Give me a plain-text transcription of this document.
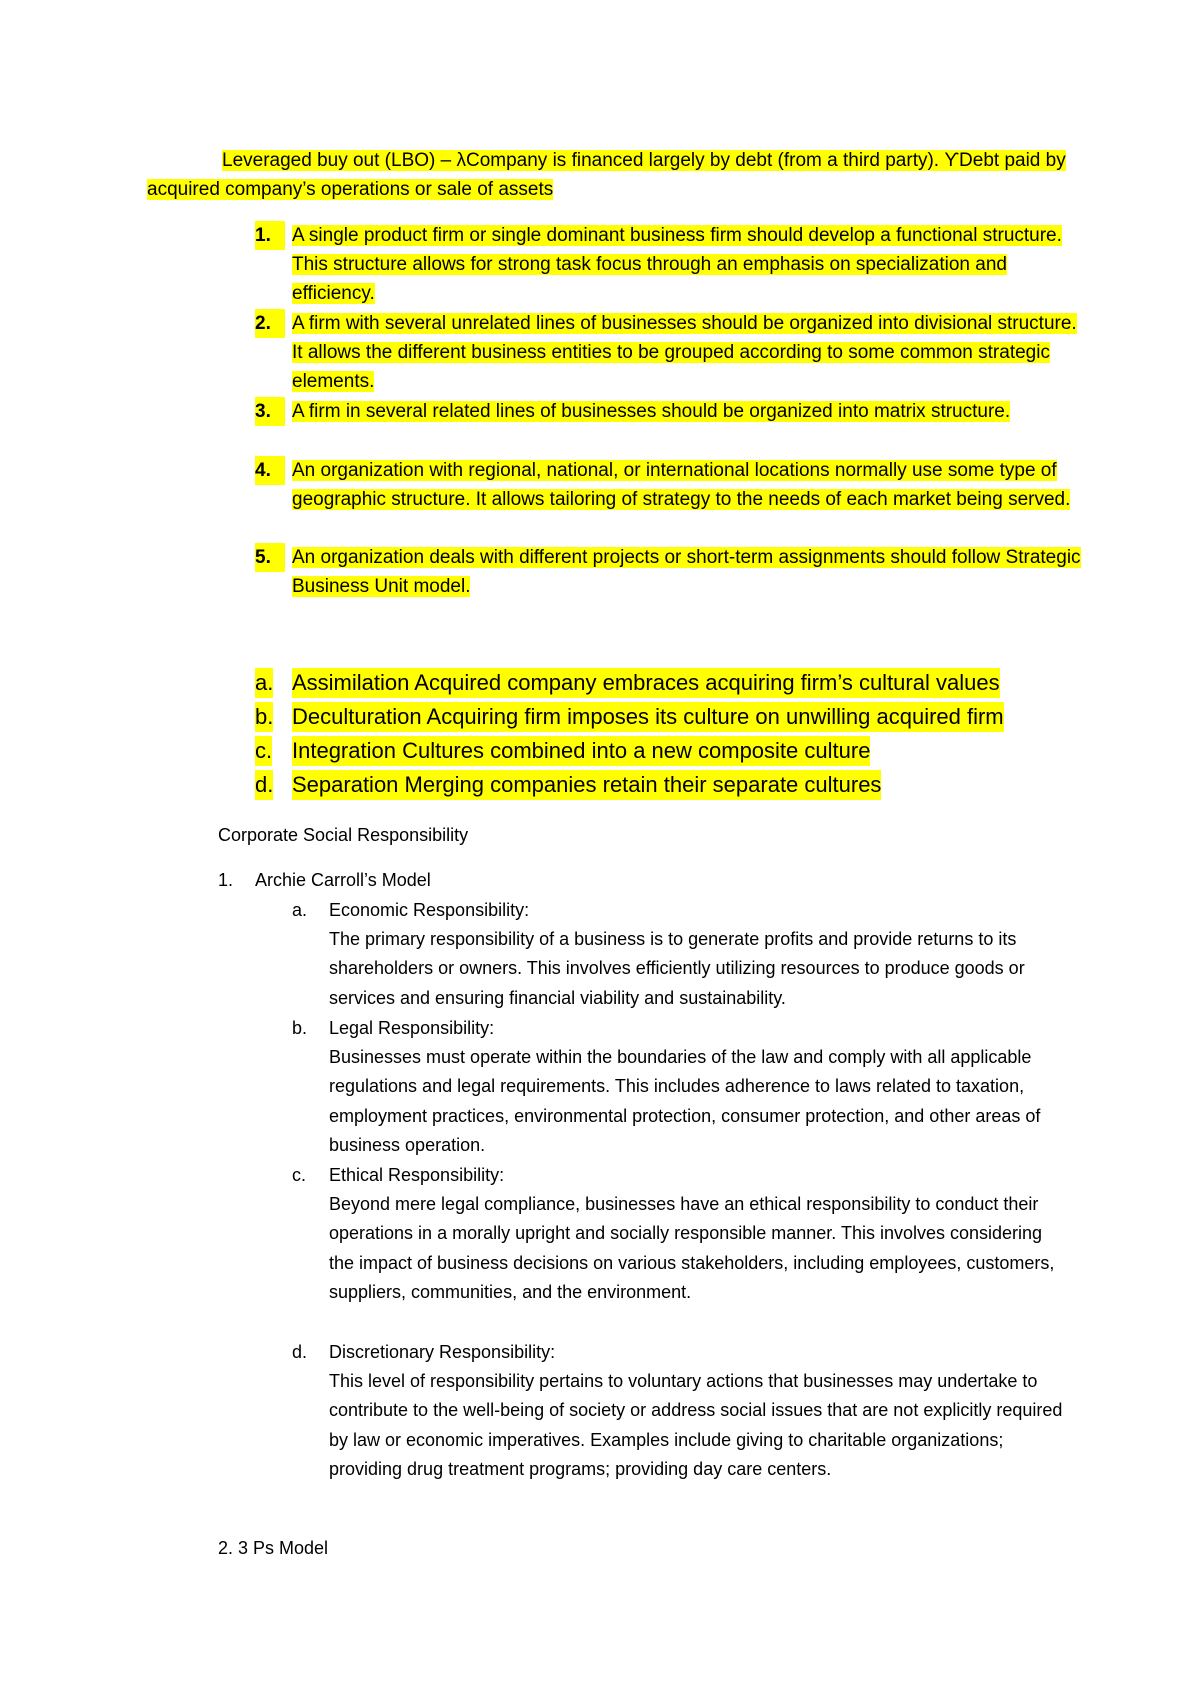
Leveraged buy out (LBO) – λCompany is financed largely by debt (from a third party). ϒDebt paid by acquired company’s operations or sale of assets
1.	A single product firm or single dominant business firm should develop a functional structure. This structure allows for strong task focus through an emphasis on specialization and efficiency.
2.	A firm with several unrelated lines of businesses should be organized into divisional structure. It allows the different business entities to be grouped according to some common strategic elements.
3.	A firm in several related lines of businesses should be organized into matrix structure.
4.	An organization with regional, national, or international locations normally use some type of geographic structure. It allows tailoring of strategy to the needs of each market being served.
5.	An organization deals with different projects or short-term assignments should follow Strategic Business Unit model.
a. Assimilation Acquired company embraces acquiring firm’s cultural values
b. Deculturation Acquiring firm imposes its culture on unwilling acquired firm
c. Integration Cultures combined into a new composite culture
d. Separation Merging companies retain their separate cultures
Corporate Social Responsibility
1. Archie Carroll’s Model
a. Economic Responsibility:
The primary responsibility of a business is to generate profits and provide returns to its shareholders or owners. This involves efficiently utilizing resources to produce goods or services and ensuring financial viability and sustainability.
b. Legal Responsibility:
Businesses must operate within the boundaries of the law and comply with all applicable regulations and legal requirements. This includes adherence to laws related to taxation, employment practices, environmental protection, consumer protection, and other areas of business operation.
c. Ethical Responsibility:
Beyond mere legal compliance, businesses have an ethical responsibility to conduct their operations in a morally upright and socially responsible manner. This involves considering the impact of business decisions on various stakeholders, including employees, customers, suppliers, communities, and the environment.
d. Discretionary Responsibility:
This level of responsibility pertains to voluntary actions that businesses may undertake to contribute to the well-being of society or address social issues that are not explicitly required by law or economic imperatives. Examples include giving to charitable organizations; providing drug treatment programs; providing day care centers.
2. 3 Ps Model
